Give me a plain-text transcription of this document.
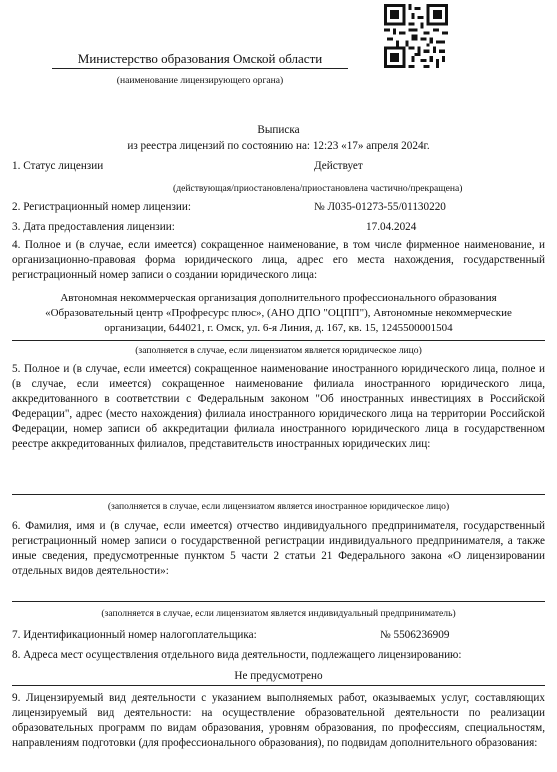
Министерство образования Омской области
(наименование лицензирующего органа)
Выписка
из реестра лицензий по состоянию на: 12:23 «17» апреля 2024г.
1. Статус лицензии	Действует
(действующая/приостановлена/приостановлена частично/прекращена)
2. Регистрационный номер лицензии:	№ Л035-01273-55/01130220
3. Дата предоставления лицензии:	17.04.2024
4. Полное и (в случае, если имеется) сокращенное наименование, в том числе фирменное наименование, и организационно-правовая форма юридического лица, адрес его места нахождения, государственный регистрационный номер записи о создании юридического лица:
Автономная некоммерческая организация дополнительного профессионального образования «Образовательный центр «Профресурс плюс», (АНО ДПО "ОЦПП"), Автономные некоммерческие организации, 644021, г. Омск, ул. 6-я Линия, д. 167, кв. 15, 1245500001504
(заполняется в случае, если лицензиатом является юридическое лицо)
5. Полное и (в случае, если имеется) сокращенное наименование иностранного юридического лица, полное и (в случае, если имеется) сокращенное наименование филиала иностранного юридического лица, аккредитованного в соответствии с Федеральным законом "Об иностранных инвестициях в Российской Федерации", адрес (место нахождения) филиала иностранного юридического лица на территории Российской Федерации, номер записи об аккредитации филиала иностранного юридического лица в государственном реестре аккредитованных филиалов, представительств иностранных юридических лиц:
(заполняется в случае, если лицензиатом является иностранное юридическое лицо)
6. Фамилия, имя и (в случае, если имеется) отчество индивидуального предпринимателя, государственный регистрационный номер записи о государственной регистрации индивидуального предпринимателя, а также иные сведения, предусмотренные пунктом 5 части 2 статьи 21 Федерального закона «О лицензировании отдельных видов деятельности»:
(заполняется в случае, если лицензиатом является индивидуальный предприниматель)
7. Идентификационный номер налогоплательщика:	№ 5506236909
8. Адреса мест осуществления отдельного вида деятельности, подлежащего лицензированию:
Не предусмотрено
9. Лицензируемый вид деятельности с указанием выполняемых работ, оказываемых услуг, составляющих лицензируемый вид деятельности: на осуществление образовательной деятельности по реализации образовательных программ по видам образования, уровням образования, по профессиям, специальностям, направлениям подготовки (для профессионального образования), по подвидам дополнительного образования:
